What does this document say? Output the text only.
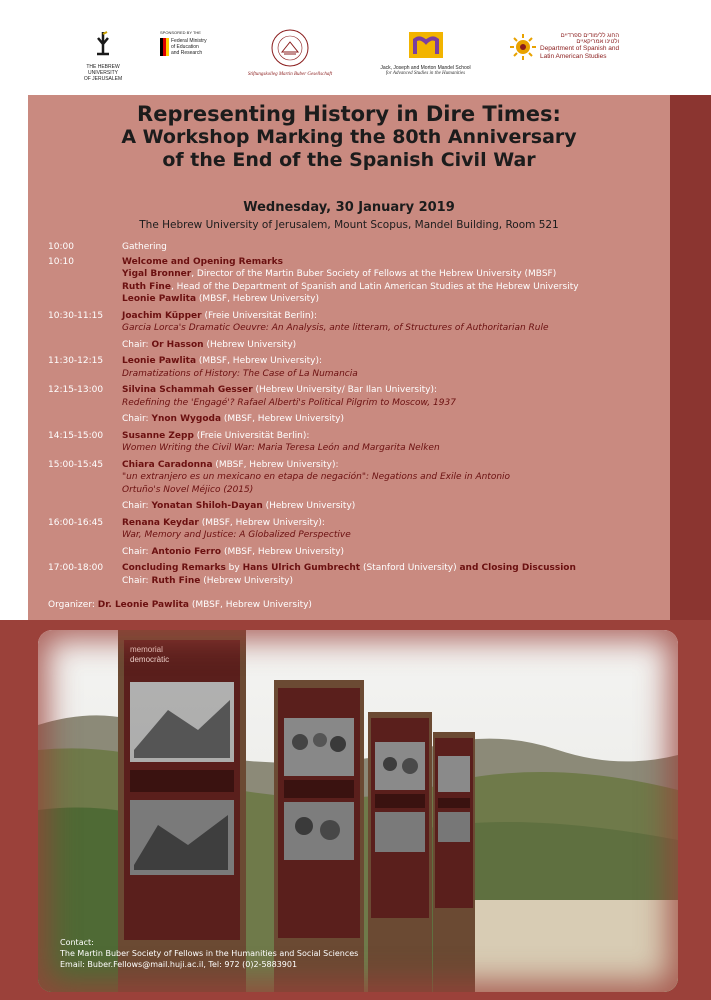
THE HEBREW
UNIVERSITY
OF JERUSALEM
SPONSORED BY THE
Federal Ministry
of Education
and Research
Stiftungskolleg Martin Buber Gesellschaft
Jack, Joseph and Morton Mandel School
for Advanced Studies in the Humanities
החוג ללימודים ספרדיים
ולטינו אמריקאיים
Department of Spanish and
Latin American Studies
Representing History in Dire Times:
A Workshop Marking the 80th Anniversary
of the End of the Spanish Civil War
Wednesday, 30 January 2019
The Hebrew University of Jerusalem, Mount Scopus, Mandel Building, Room 521
10:00	Gathering
10:10	Welcome and Opening Remarks
Yigal Bronner, Director of the Martin Buber Society of Fellows at the Hebrew University (MBSF)
Ruth Fine, Head of the Department of Spanish and Latin American Studies at the Hebrew University
Leonie Pawlita (MBSF, Hebrew University)
10:30-11:15 Joachim Küpper (Freie Universität Berlin):
Garcia Lorca's Dramatic Oeuvre: An Analysis, ante litteram, of Structures of Authoritarian Rule
Chair: Or Hasson (Hebrew University)
11:30-12:15 Leonie Pawlita (MBSF, Hebrew University):
Dramatizations of History: The Case of La Numancia
12:15-13:00 Silvina Schammah Gesser (Hebrew University/ Bar Ilan University):
Redefining the 'Engagé'? Rafael Alberti's Political Pilgrim to Moscow, 1937
Chair: Ynon Wygoda (MBSF, Hebrew University)
14:15-15:00 Susanne Zepp (Freie Universität Berlin):
Women Writing the Civil War: Maria Teresa León and Margarita Nelken
15:00-15:45 Chiara Caradonna (MBSF, Hebrew University):
"un extranjero es un mexicano en etapa de negación": Negations and Exile in Antonio
Ortuño's Novel Méjico (2015)
Chair: Yonatan Shiloh-Dayan (Hebrew University)
16:00-16:45 Renana Keydar (MBSF, Hebrew University):
War, Memory and Justice: A Globalized Perspective
Chair: Antonio Ferro (MBSF, Hebrew University)
17:00-18:00 Concluding Remarks by Hans Ulrich Gumbrecht (Stanford University) and Closing Discussion
Chair: Ruth Fine (Hebrew University)
Organizer: Dr. Leonie Pawlita (MBSF, Hebrew University)
memorial
democràtic
Contact:
The Martin Buber Society of Fellows in the Humanities and Social Sciences
Email: Buber.Fellows@mail.huji.ac.il, Tel: 972 (0)2-5883901
